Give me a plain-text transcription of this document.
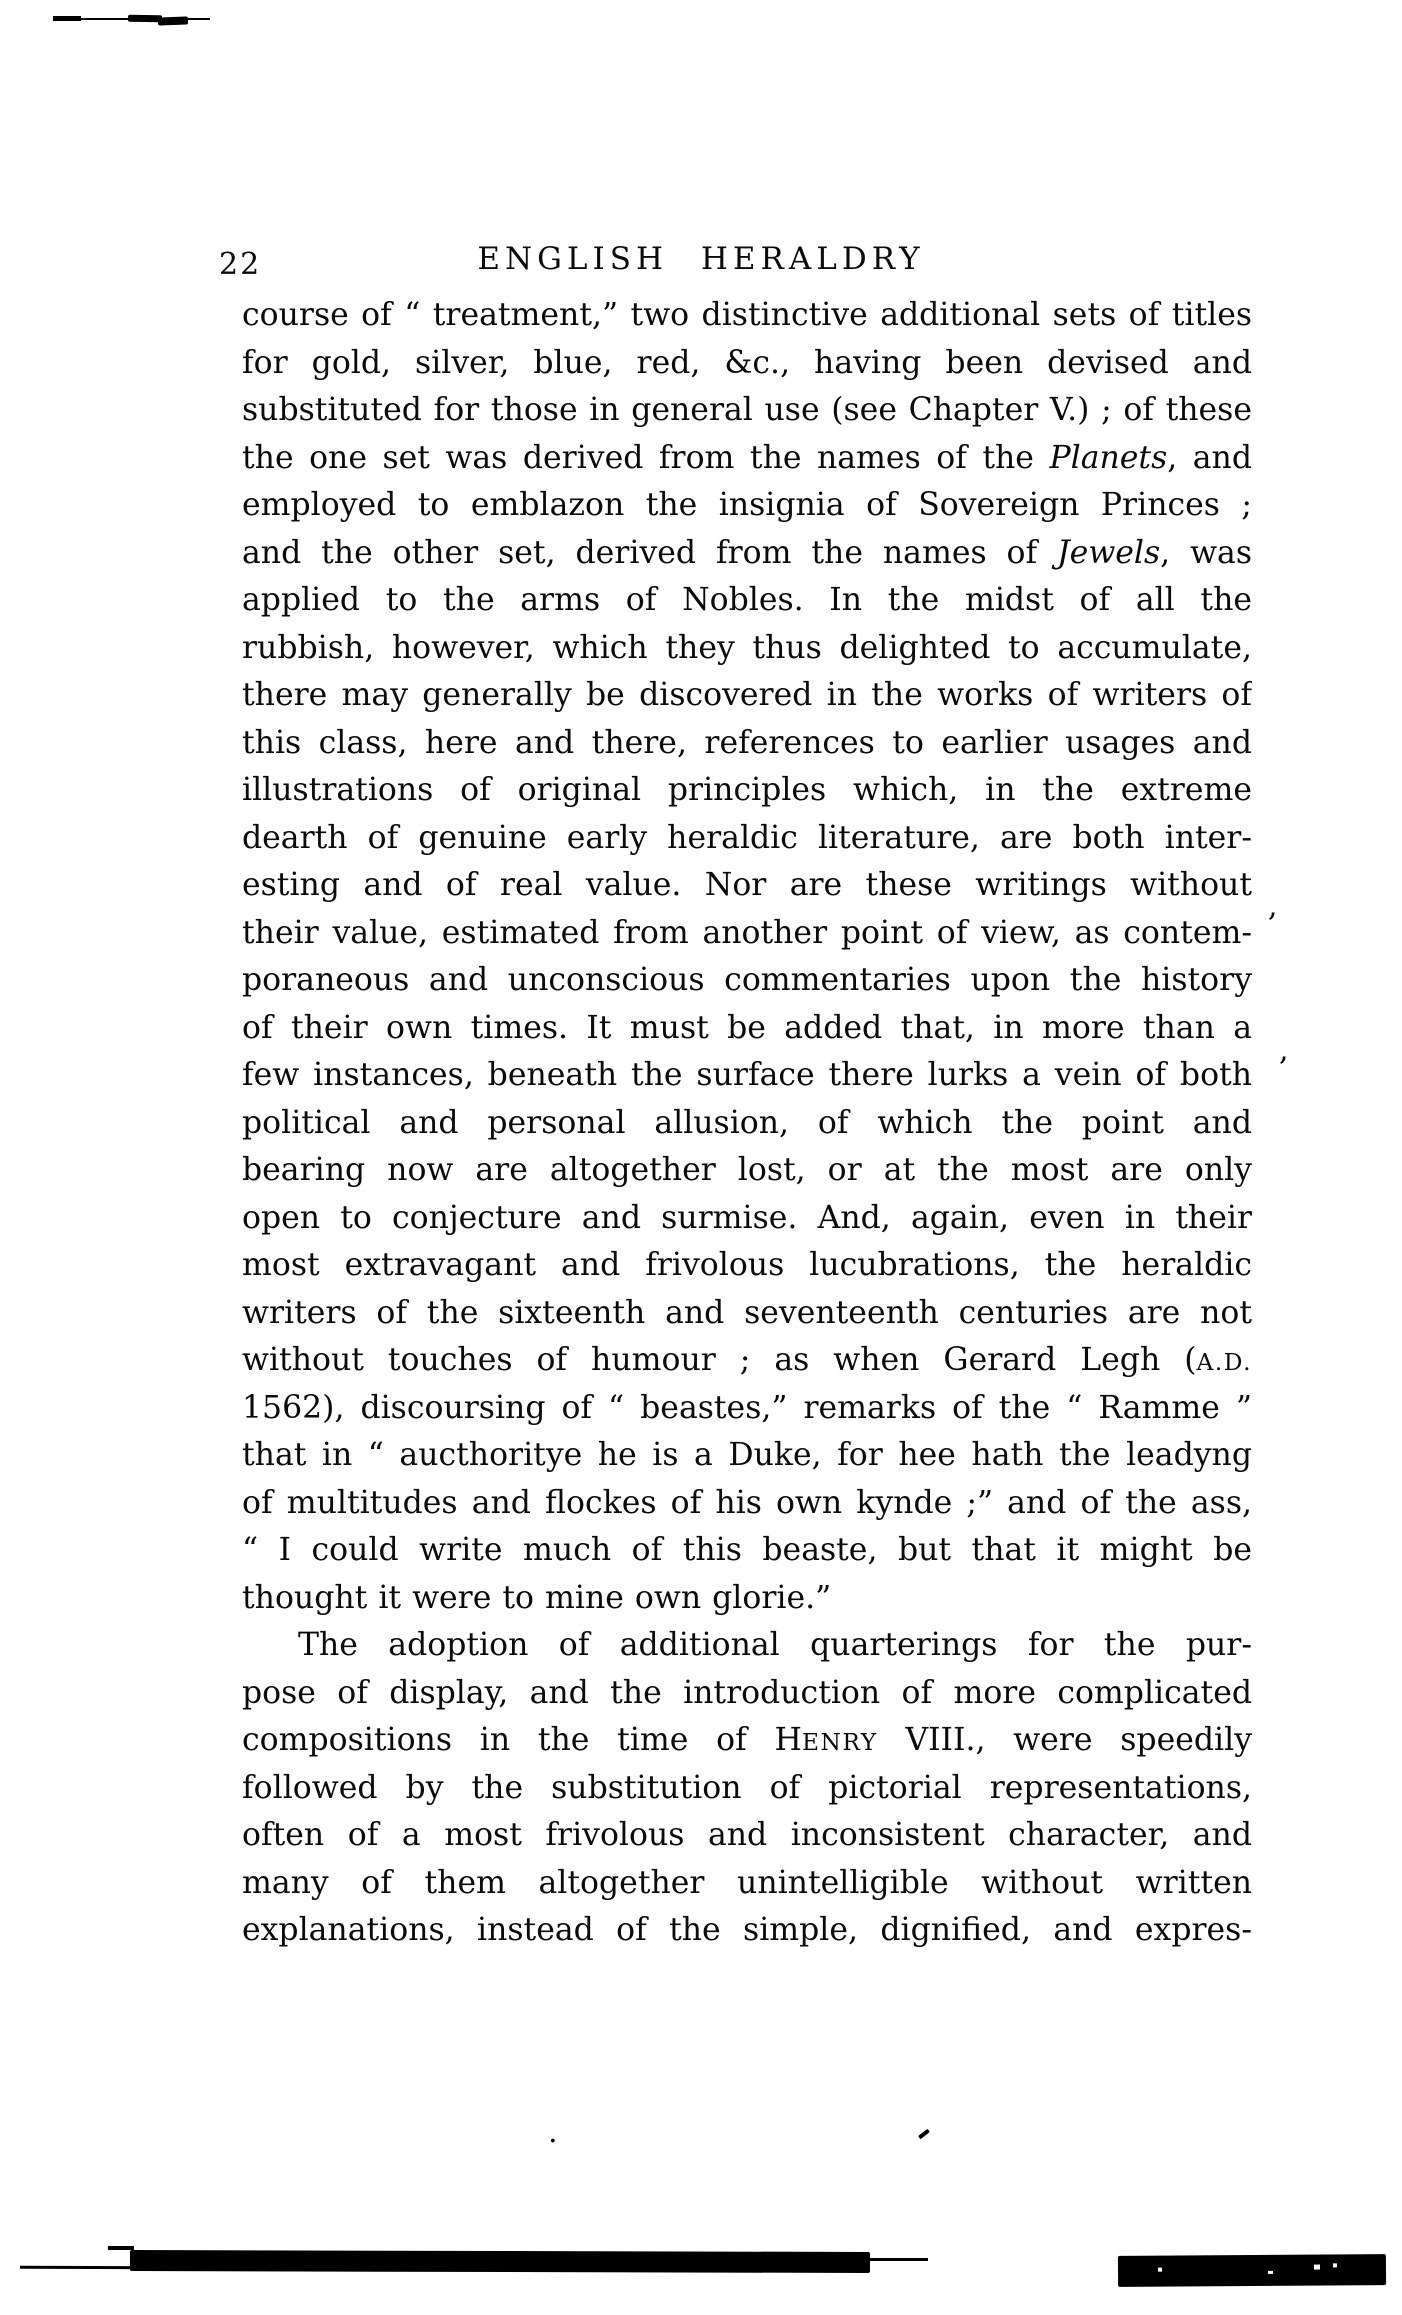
22	ENGLISH HERALDRY
course of “ treatment,” two distinctive additional sets of titles
for gold, silver, blue, red, &c., having been devised and
substituted for those in general use (see Chapter V.) ; of these
the one set was derived from the names of the Planets, and
employed to emblazon the insignia of Sovereign Princes ;
and the other set, derived from the names of Jewels, was
applied to the arms of Nobles. In the midst of all the
rubbish, however, which they thus delighted to accumulate,
there may generally be discovered in the works of writers of
this class, here and there, references to earlier usages and
illustrations of original principles which, in the extreme
dearth of genuine early heraldic literature, are both inter-
esting and of real value. Nor are these writings without
their value, estimated from another point of view, as contem-
poraneous and unconscious commentaries upon the history
of their own times. It must be added that, in more than a
few instances, beneath the surface there lurks a vein of both
political and personal allusion, of which the point and
bearing now are altogether lost, or at the most are only
open to conjecture and surmise. And, again, even in their
most extravagant and frivolous lucubrations, the heraldic
writers of the sixteenth and seventeenth centuries are not
without touches of humour ; as when Gerard Legh (A.D.
1562), discoursing of “ beastes,” remarks of the “ Ramme ”
that in “ aucthoritye he is a Duke, for hee hath the leadyng
of multitudes and flockes of his own kynde ;” and of the ass,
“ I could write much of this beaste, but that it might be
thought it were to mine own glorie.”
The adoption of additional quarterings for the pur-
pose of display, and the introduction of more complicated
compositions in the time of HENRY VIII., were speedily
followed by the substitution of pictorial representations,
often of a most frivolous and inconsistent character, and
many of them altogether unintelligible without written
explanations, instead of the simple, dignified, and expres-
,
,
.
